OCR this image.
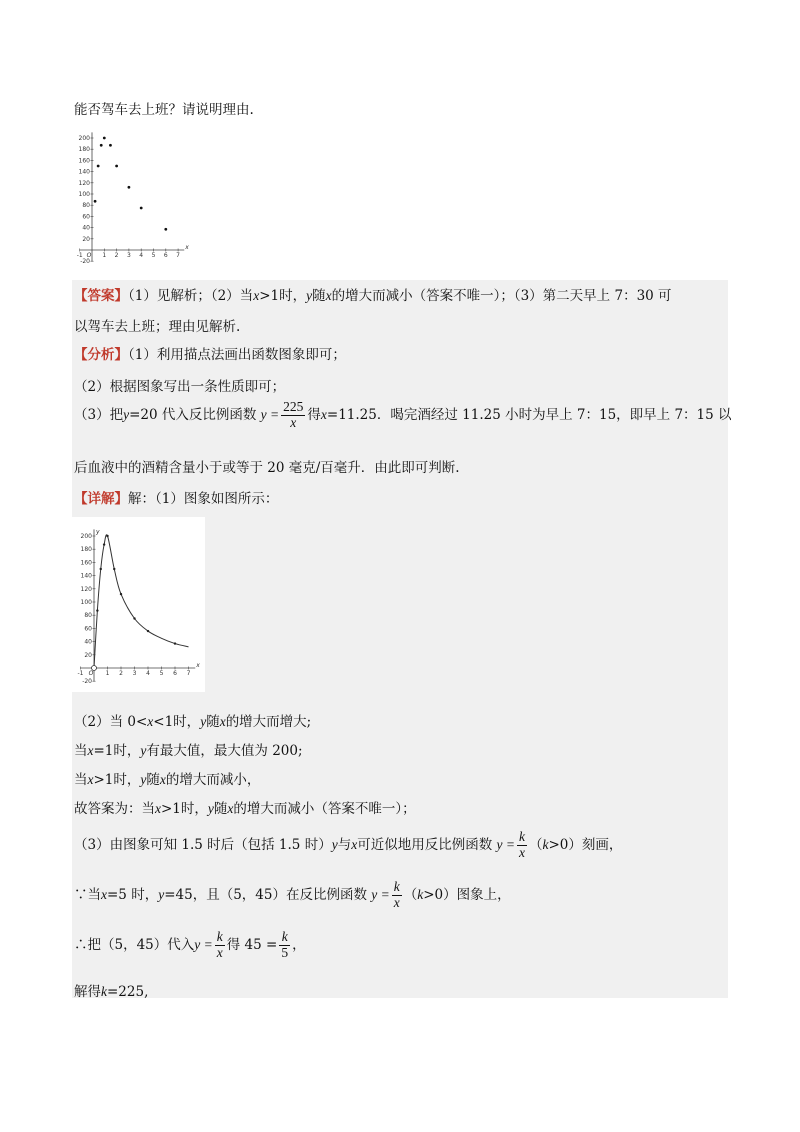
能否驾车去上班？请说明理由.
200
180
160
140
120
100
80
60
40
20
-20
-1 O 1 2 3 4 5 6 7
x
【答案】（1）见解析；（2）当x>1时，y随x的增大而减小（答案不唯一）；（3）第二天早上 7：30 可
以驾车去上班；理由见解析.
【分析】（1）利用描点法画出函数图象即可；
（2）根据图象写出一条性质即可；
（3）把y=20 代入反比例函数 $y = \frac{225}{x}$ 得x=11.25．喝完酒经过 11.25 小时为早上 7：15，即早上 7：15 以
后血液中的酒精含量小于或等于 20 毫克/百毫升．由此即可判断.
【详解】解：（1）图象如图所示：
200
180
160
140
120
100
80
60
40
20
-20
-1 O 1 2 3 4 5 6 7
x
y
（2）当 0<x<1时，y随x的增大而增大;
当x=1时，y有最大值，最大值为 200;
当x>1时，y随x的增大而减小，
故答案为：当x>1时，y随x的增大而减小（答案不唯一）；
（3）由图象可知 1.5 时后（包括 1.5 时）y与x可近似地用反比例函数 $y = \frac{k}{x} (k>0)$刻画，
∵当x=5 时，y=45，且（5，45）在反比例函数 $y = \frac{k}{x} (k>0)$图象上，
∴把（5，45）代入$y = \frac{k}{x}$ 得 $45 = \frac{k}{5}$ ，
解得k=225,
